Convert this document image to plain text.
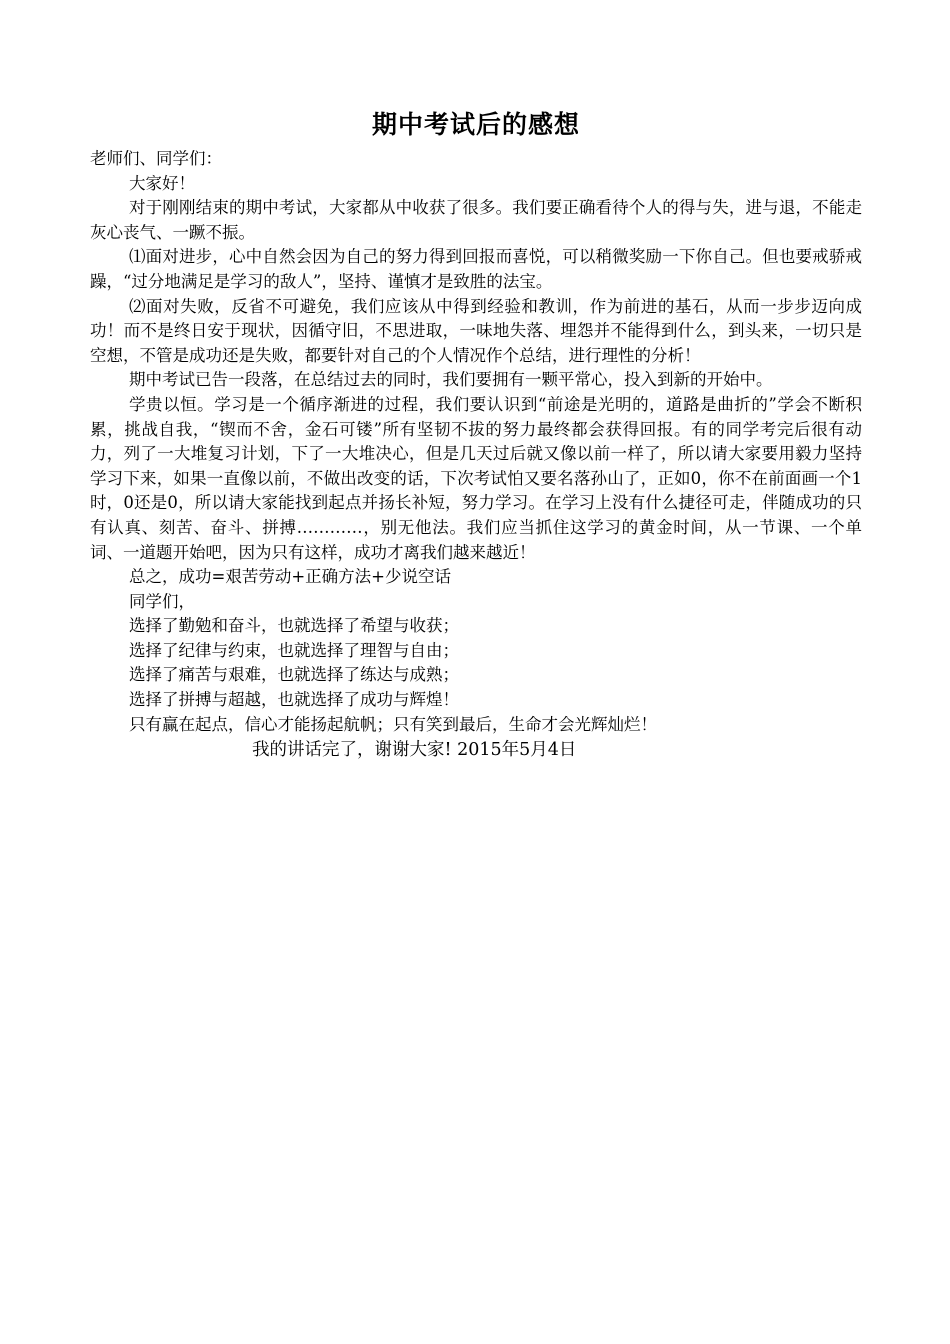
期中考试后的感想

老师们、同学们：

大家好！

对于刚刚结束的期中考试，大家都从中收获了很多。我们要正确看待个人的得与失，进与退，不能走灰心丧气、一蹶不振。

⑴面对进步，心中自然会因为自己的努力得到回报而喜悦，可以稍微奖励一下你自己。但也要戒骄戒躁，“过分地满足是学习的敌人”，坚持、谨慎才是致胜的法宝。

⑵面对失败，反省不可避免，我们应该从中得到经验和教训，作为前进的基石，从而一步步迈向成功！而不是终日安于现状，因循守旧，不思进取，一味地失落、埋怨并不能得到什么，到头来，一切只是空想，不管是成功还是失败，都要针对自己的个人情况作个总结，进行理性的分析！

期中考试已告一段落，在总结过去的同时，我们要拥有一颗平常心，投入到新的开始中。

学贵以恒。学习是一个循序渐进的过程，我们要认识到“前途是光明的，道路是曲折的”学会不断积累，挑战自我，“锲而不舍，金石可镂”所有坚韧不拔的努力最终都会获得回报。有的同学考完后很有动力，列了一大堆复习计划，下了一大堆决心，但是几天过后就又像以前一样了，所以请大家要用毅力坚持学习下来，如果一直像以前，不做出改变的话，下次考试怕又要名落孙山了，正如0，你不在前面画一个1时，0还是0，所以请大家能找到起点并扬长补短，努力学习。在学习上没有什么捷径可走，伴随成功的只有认真、刻苦、奋斗、拼搏…………，别无他法。我们应当抓住这学习的黄金时间，从一节课、一个单词、一道题开始吧，因为只有这样，成功才离我们越来越近！

总之，成功=艰苦劳动+正确方法+少说空话

同学们，

选择了勤勉和奋斗，也就选择了希望与收获；

选择了纪律与约束，也就选择了理智与自由；

选择了痛苦与艰难，也就选择了练达与成熟；

选择了拼搏与超越，也就选择了成功与辉煌！

只有赢在起点，信心才能扬起航帆；只有笑到最后，生命才会光辉灿烂！

我的讲话完了，谢谢大家! 2015年5月4日
